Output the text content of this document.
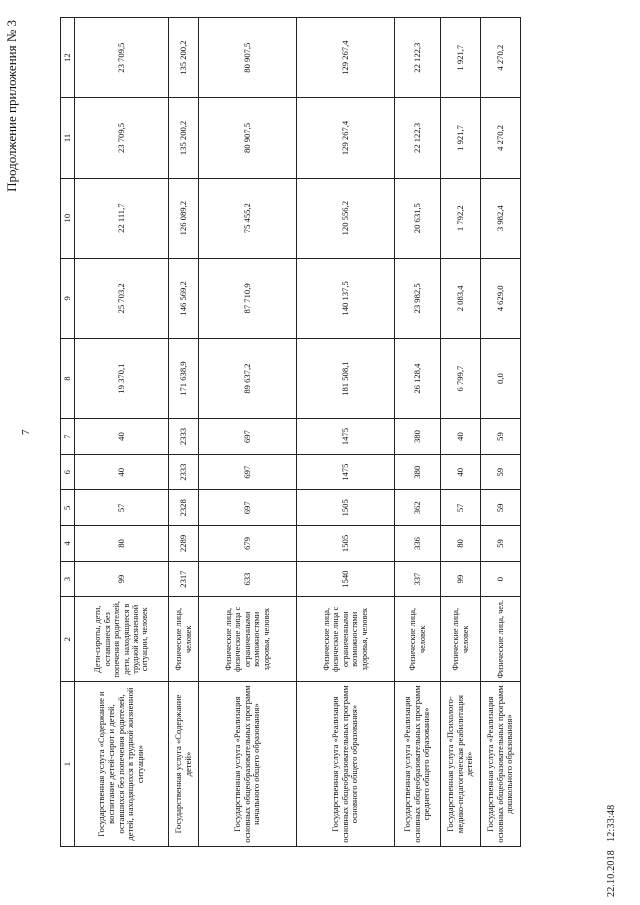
Продолжение приложения № 3
7
1	2	3	4	5	6	7	8	9	10	11	12
Государственная услуга «Содержание и воспитание детей-сирот и детей, оставшихся без попечения родителей, детей, находящихся в трудной жизненной ситуации»	Дети-сироты, дети, оставшиеся без попечения родителей, дети, находящиеся в трудной жизненной ситуации, человек	99	80	57	40	40	19 370,1	25 703,2	22 111,7	23 709,5	23 709,5
Государственная услуга «Содержание детей»	Физические лица, человек	2317	2289	2328	2333	2333	171 638,9	146 569,2	126 089,2	135 200,2	135 200,2
Государственная услуга «Реализация основных общеобразовательных программ начального общего образования»	Физические лица, физические лица с ограниченными возможностями здоровья, человек	633	679	697	697	697	89 637,2	87 710,9	75 455,2	80 907,5	80 907,5
Государственная услуга «Реализация основных общеобразовательных программ основного общего образования»	Физические лица, физические лица с ограниченными возможностями здоровья, человек	1540	1505	1505	1475	1475	181 508,1	140 137,5	120 556,2	129 267,4	129 267,4
Государственная услуга «Реализация основных общеобразовательных программ среднего общего образования»	Физические лица, человек	337	336	362	380	380	26 128,4	23 982,5	20 631,5	22 122,3	22 122,3
Государственная услуга «Психолого-медико-педагогическая реабилитация детей»	Физические лица, человек	99	80	57	40	40	6 799,7	2 083,4	1 792,2	1 921,7	1 921,7
Государственная услуга «Реализация основных общеобразовательных программ дошкольного образования»	Физические лица, чел.	0	59	59	59	59	0,0	4 629,0	3 982,4	4 270,2	4 270,2
22.10.2018   12:33:48
